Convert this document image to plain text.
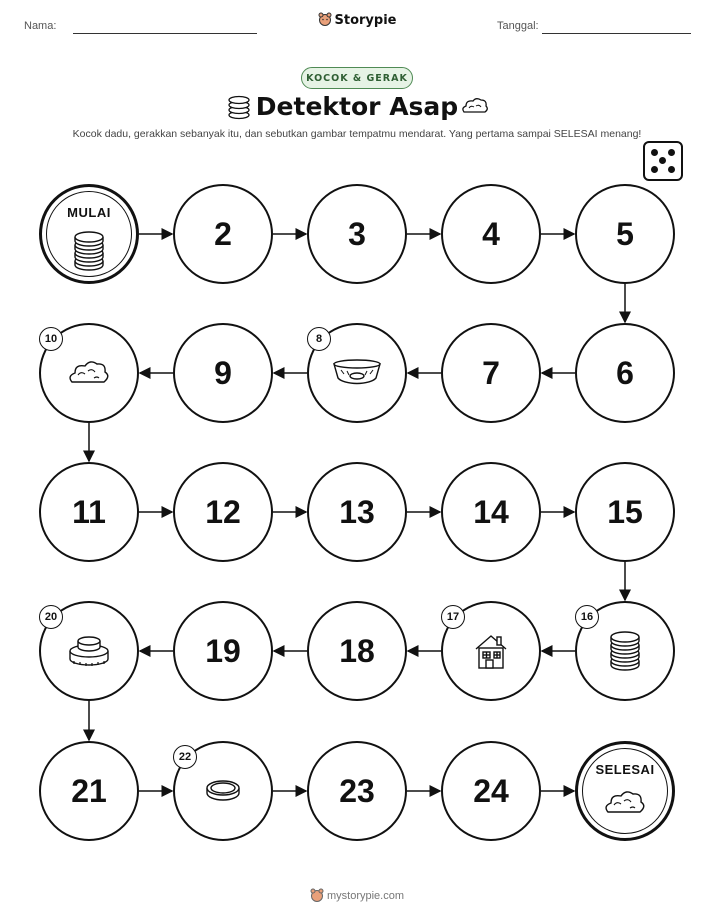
Nama:	Storypie	Tanggal:
KOCOK & GERAK
Detektor Asap
Kocok dadu, gerakkan sebanyak itu, dan sebutkan gambar tempatmu mendarat. Yang pertama sampai SELESAI menang!
MULAI
2	3	4	5
6
7
8
9
10
11	12	13	14	15
16
17
18
19
20
21
22
23	24
SELESAI
mystorypie.com
